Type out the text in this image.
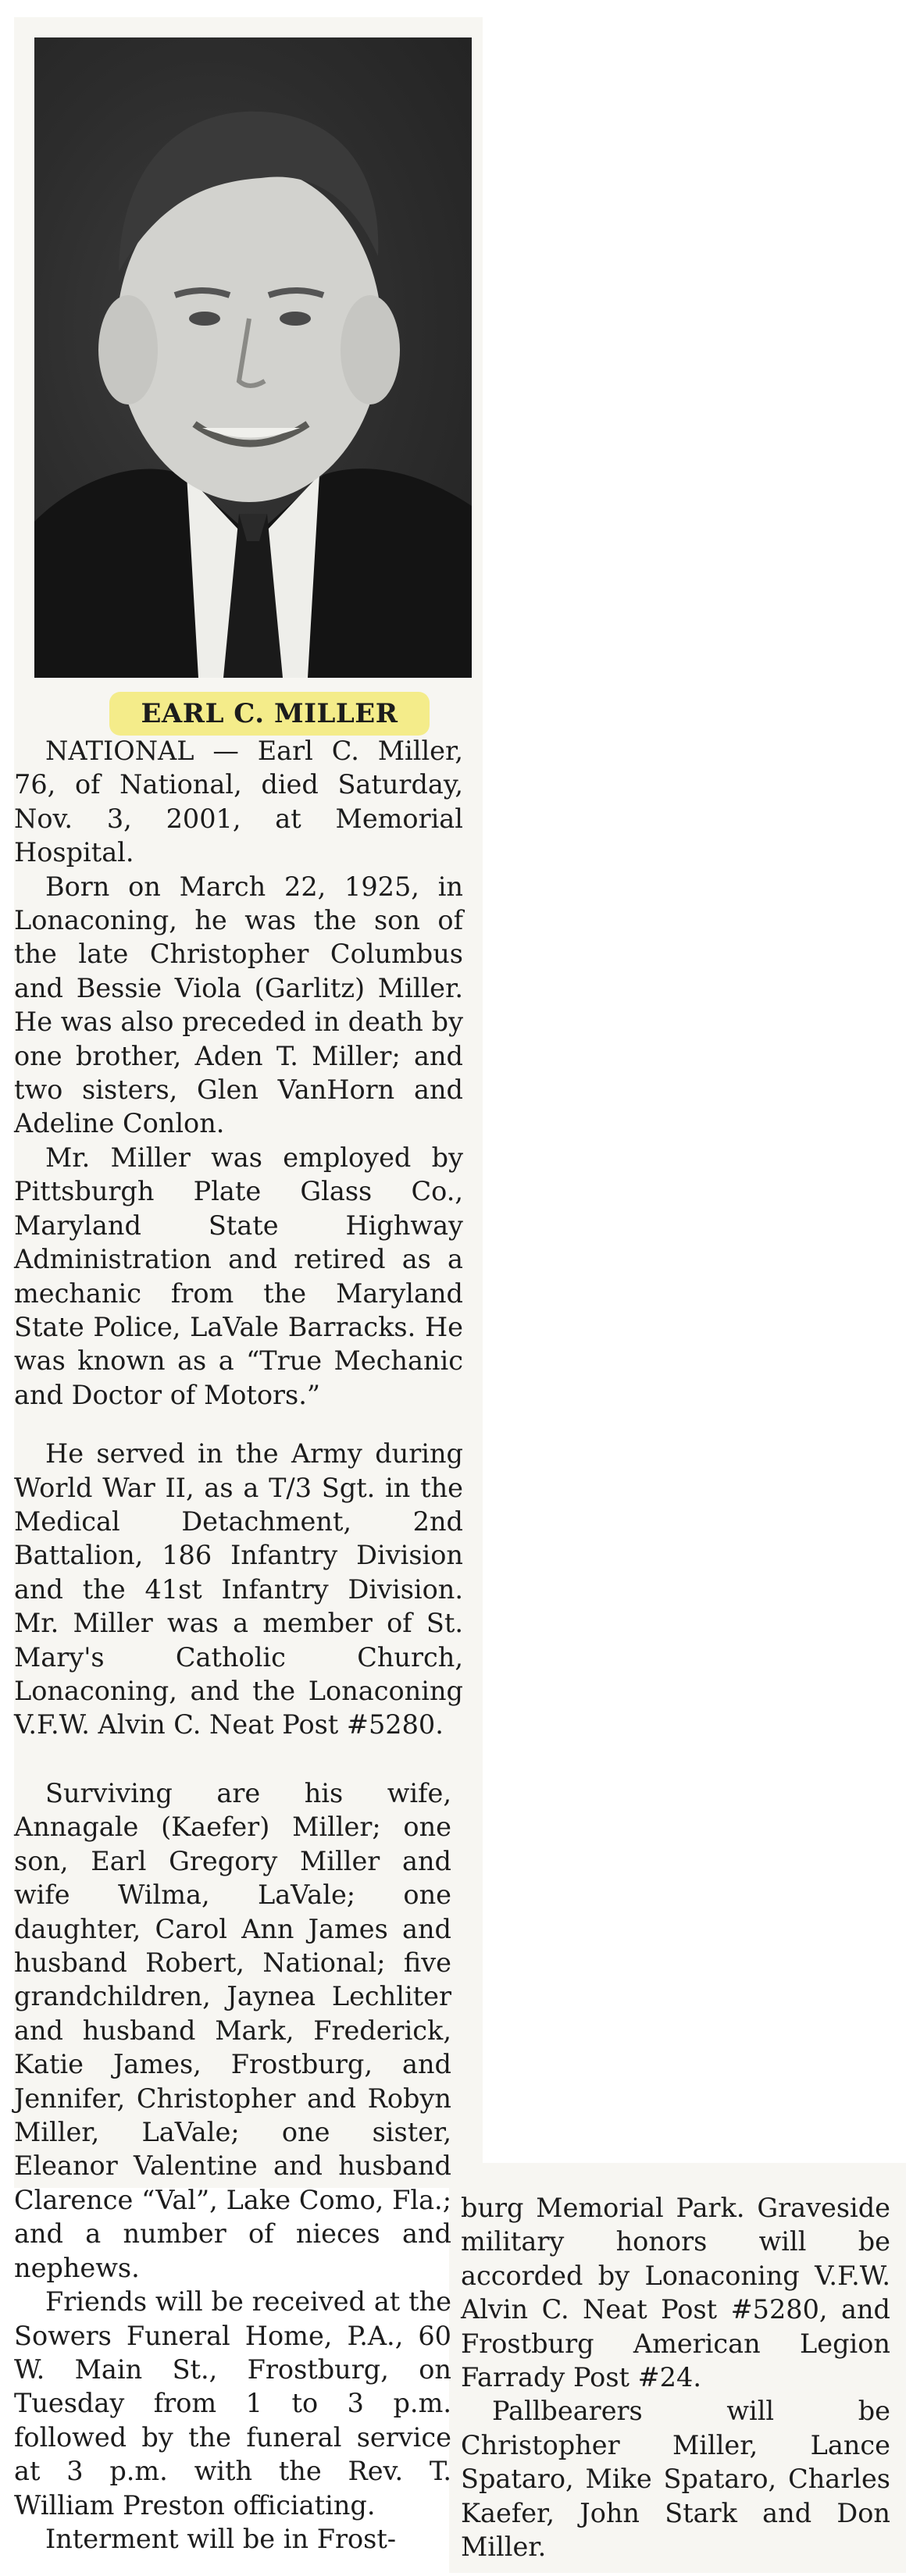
EARL C. MILLER

NATIONAL — Earl C. Miller, 76, of National, died Saturday, Nov. 3, 2001, at Memorial Hospital.

Born on March 22, 1925, in Lonaconing, he was the son of the late Christopher Columbus and Bessie Viola (Garlitz) Miller. He was also preceded in death by one brother, Aden T. Miller; and two sisters, Glen VanHorn and Adeline Conlon.

Mr. Miller was employed by Pittsburgh Plate Glass Co., Maryland State Highway Administration and retired as a mechanic from the Maryland State Police, LaVale Barracks. He was known as a “True Mechanic and Doctor of Motors.”

He served in the Army during World War II, as a T/3 Sgt. in the Medical Detachment, 2nd Battalion, 186 Infantry Division and the 41st Infantry Division. Mr. Miller was a member of St. Mary's Catholic Church, Lonaconing, and the Lonaconing V.F.W. Alvin C. Neat Post #5280.

Surviving are his wife, Annagale (Kaefer) Miller; one son, Earl Gregory Miller and wife Wilma, LaVale; one daughter, Carol Ann James and husband Robert, National; five grandchildren, Jaynea Lechliter and husband Mark, Frederick, Katie James, Frostburg, and Jennifer, Christopher and Robyn Miller, LaVale; one sister, Eleanor Valentine and husband Clarence “Val”, Lake Como, Fla.; and a number of nieces and nephews.

Friends will be received at the Sowers Funeral Home, P.A., 60 W. Main St., Frostburg, on Tuesday from 1 to 3 p.m. followed by the funeral service at 3 p.m. with the Rev. T. William Preston officiating.

Interment will be in Frost-

burg Memorial Park. Graveside military honors will be accorded by Lonaconing V.F.W. Alvin C. Neat Post #5280, and Frostburg American Legion Farrady Post #24.

Pallbearers will be Christopher Miller, Lance Spataro, Mike Spataro, Charles Kaefer, John Stark and Don Miller.
